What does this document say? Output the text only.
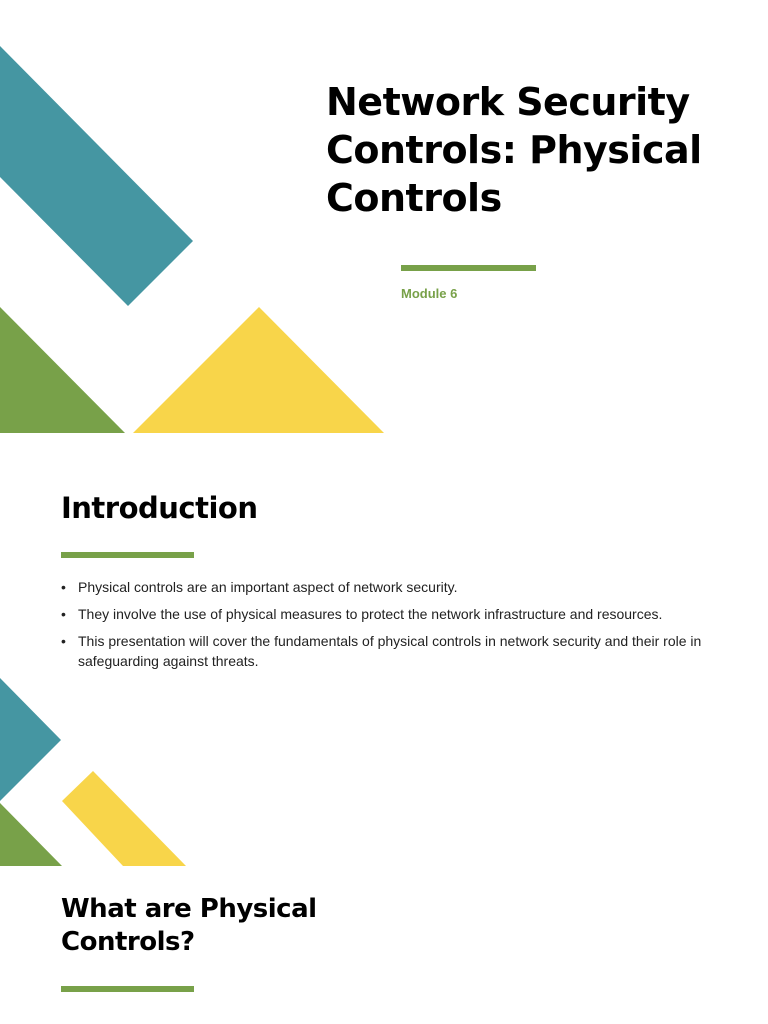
Network Security Controls: Physical Controls
Module 6
Introduction
• Physical controls are an important aspect of network security.
• They involve the use of physical measures to protect the network infrastructure and resources.
• This presentation will cover the fundamentals of physical controls in network security and their role in safeguarding against threats.
What are Physical Controls?
